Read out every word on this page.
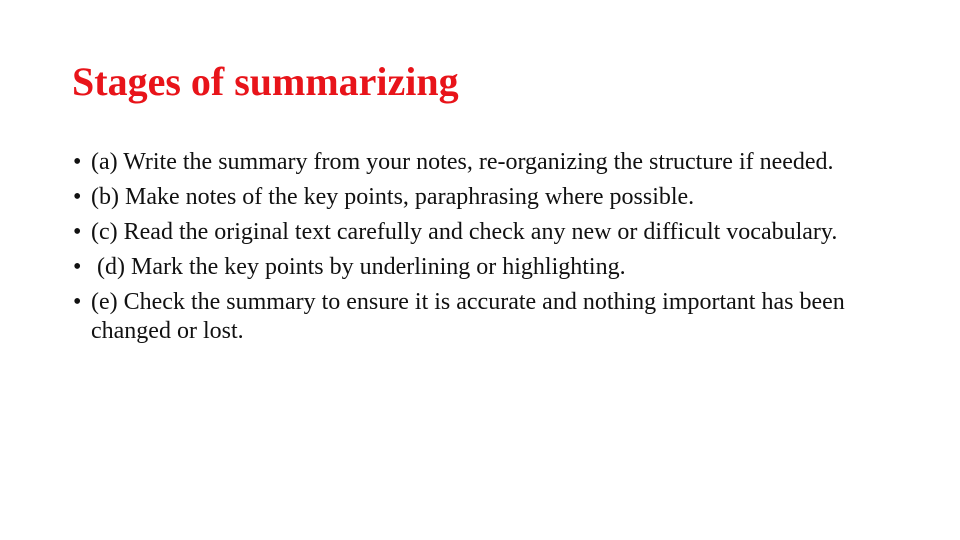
Stages of summarizing
• (a) Write the summary from your notes, re-organizing the structure if needed.
• (b) Make notes of the key points, paraphrasing where possible.
• (c) Read the original text carefully and check any new or difficult vocabulary.
• (d) Mark the key points by underlining or highlighting.
• (e) Check the summary to ensure it is accurate and nothing important has been changed or lost.
